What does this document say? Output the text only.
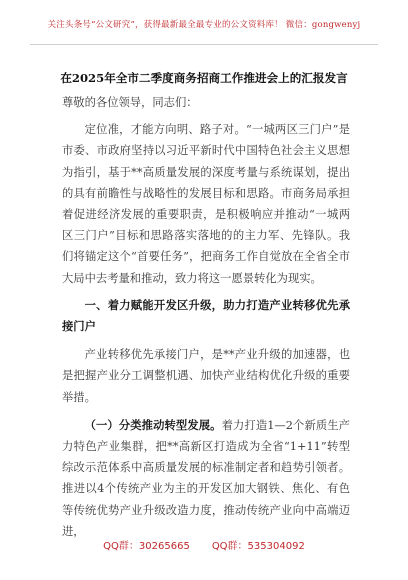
关注头条号“公文研究”，获得最新最全最专业的公文资料库！ 微信：gongwenyj
在2025年全市二季度商务招商工作推进会上的汇报发言

尊敬的各位领导，同志们：

定位准，才能方向明、路子对。“一城两区三门户”是市委、市政府坚持以习近平新时代中国特色社会主义思想为指引，基于**高质量发展的深度考量与系统谋划，提出的具有前瞻性与战略性的发展目标和思路。市商务局承担着促进经济发展的重要职责，是积极响应并推动“一城两区三门户”目标和思路落实落地的的主力军、先锋队。我们将锚定这个“首要任务”，把商务工作自觉放在全省全市大局中去考量和推动，致力将这一愿景转化为现实。

一、着力赋能开发区升级，助力打造产业转移优先承接门户

产业转移优先承接门户，是**产业升级的加速器，也是把握产业分工调整机遇、加快产业结构优化升级的重要举措。

（一）分类推动转型发展。着力打造1—2个新质生产力特色产业集群，把**高新区打造成为全省“1+11”转型综改示范体系中高质量发展的标准制定者和趋势引领者。推进以4个传统产业为主的开发区加大钢铁、焦化、有色等传统优势产业升级改造力度，推动传统产业向中高端迈进，

QQ群：30265665 QQ群：535304092
